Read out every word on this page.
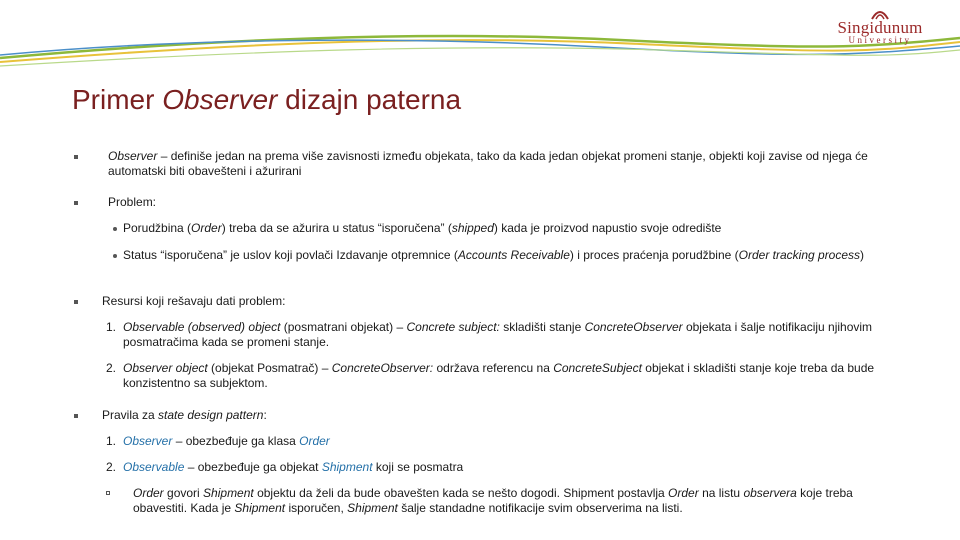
Singidunum
University
Primer Observer dizajn paterna
Observer – definiše jedan na prema više zavisnosti između objekata, tako da kada jedan objekat promeni stanje, objekti koji zavise od njega će automatski biti obavešteni i ažurirani
Problem:
Porudžbina (Order) treba da se ažurira u status “isporučena” (shipped) kada je proizvod napustio svoje odredište
Status “isporučena” je uslov koji povlači Izdavanje otpremnice (Accounts Receivable) i proces praćenja porudžbine (Order tracking process)
Resursi koji rešavaju dati problem:
1. Observable (observed) object (posmatrani objekat) – Concrete subject: skladišti stanje ConcreteObserver objekata i šalje notifikaciju njihovim posmatračima kada se promeni stanje.
2. Observer object (objekat Posmatrač) – ConcreteObserver: održava referencu na ConcreteSubject objekat i skladišti stanje koje treba da bude konzistentno sa subjektom.
Pravila za state design pattern:
1. Observer – obezbeđuje ga klasa Order
2. Observable – obezbeđuje ga objekat Shipment koji se posmatra
Order govori Shipment objektu da želi da bude obavešten kada se nešto dogodi. Shipment postavlja Order na listu observera koje treba obavestiti. Kada je Shipment isporučen, Shipment šalje standadne notifikacije svim observerima na listi.
